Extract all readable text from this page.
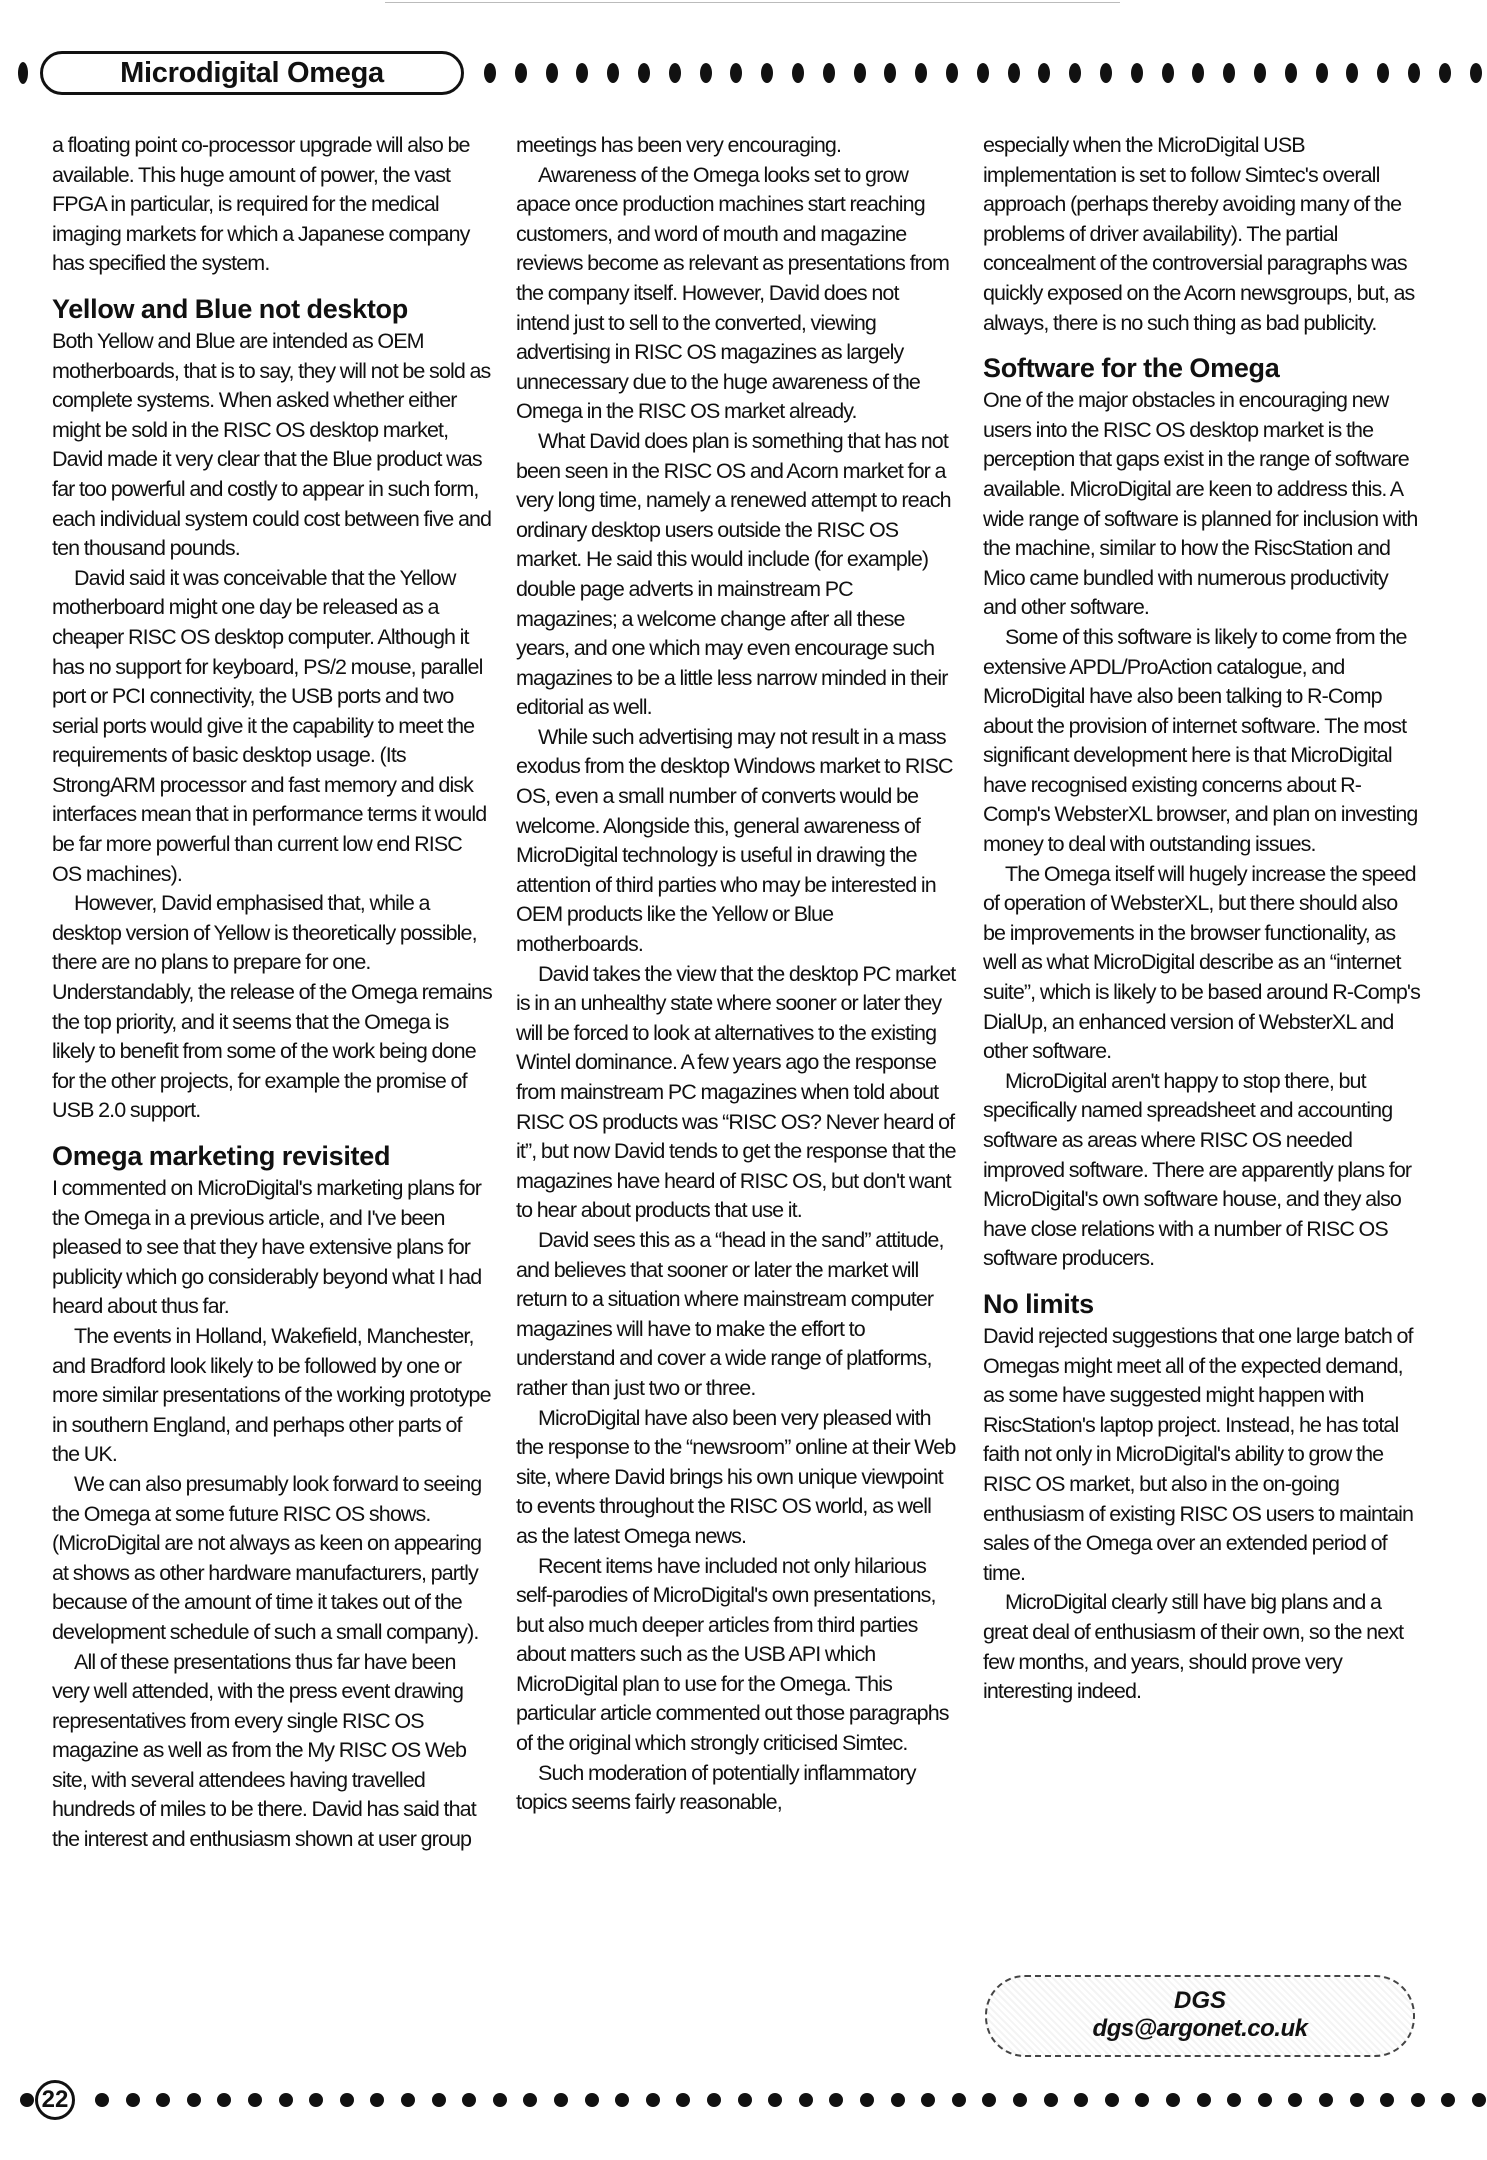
Microdigital Omega

a floating point co-processor upgrade will also be available. This huge amount of power, the vast FPGA in particular, is required for the medical imaging markets for which a Japanese company has specified the system.

Yellow and Blue not desktop

Both Yellow and Blue are intended as OEM motherboards, that is to say, they will not be sold as complete systems. When asked whether either might be sold in the RISC OS desktop market, David made it very clear that the Blue product was far too powerful and costly to appear in such form, each individual system could cost between five and ten thousand pounds.

David said it was conceivable that the Yellow motherboard might one day be released as a cheaper RISC OS desktop computer. Although it has no support for keyboard, PS/2 mouse, parallel port or PCI connectivity, the USB ports and two serial ports would give it the capability to meet the requirements of basic desktop usage. (Its StrongARM processor and fast memory and disk interfaces mean that in performance terms it would be far more powerful than current low end RISC OS machines).

However, David emphasised that, while a desktop version of Yellow is theoretically possible, there are no plans to prepare for one. Understandably, the release of the Omega remains the top priority, and it seems that the Omega is likely to benefit from some of the work being done for the other projects, for example the promise of USB 2.0 support.

Omega marketing revisited

I commented on MicroDigital's marketing plans for the Omega in a previous article, and I've been pleased to see that they have extensive plans for publicity which go considerably beyond what I had heard about thus far.

The events in Holland, Wakefield, Manchester, and Bradford look likely to be followed by one or more similar presentations of the working prototype in southern England, and perhaps other parts of the UK.

We can also presumably look forward to seeing the Omega at some future RISC OS shows. (MicroDigital are not always as keen on appearing at shows as other hardware manufacturers, partly because of the amount of time it takes out of the development schedule of such a small company).

All of these presentations thus far have been very well attended, with the press event drawing representatives from every single RISC OS magazine as well as from the My RISC OS Web site, with several attendees having travelled hundreds of miles to be there. David has said that the interest and enthusiasm shown at user group

meetings has been very encouraging.

Awareness of the Omega looks set to grow apace once production machines start reaching customers, and word of mouth and magazine reviews become as relevant as presentations from the company itself. However, David does not intend just to sell to the converted, viewing advertising in RISC OS magazines as largely unnecessary due to the huge awareness of the Omega in the RISC OS market already.

What David does plan is something that has not been seen in the RISC OS and Acorn market for a very long time, namely a renewed attempt to reach ordinary desktop users outside the RISC OS market. He said this would include (for example) double page adverts in mainstream PC magazines; a welcome change after all these years, and one which may even encourage such magazines to be a little less narrow minded in their editorial as well.

While such advertising may not result in a mass exodus from the desktop Windows market to RISC OS, even a small number of converts would be welcome. Alongside this, general awareness of MicroDigital technology is useful in drawing the attention of third parties who may be interested in OEM products like the Yellow or Blue motherboards.

David takes the view that the desktop PC market is in an unhealthy state where sooner or later they will be forced to look at alternatives to the existing Wintel dominance. A few years ago the response from mainstream PC magazines when told about RISC OS products was “RISC OS? Never heard of it”, but now David tends to get the response that the magazines have heard of RISC OS, but don't want to hear about products that use it.

David sees this as a “head in the sand” attitude, and believes that sooner or later the market will return to a situation where mainstream computer magazines will have to make the effort to understand and cover a wide range of platforms, rather than just two or three.

MicroDigital have also been very pleased with the response to the “newsroom” online at their Web site, where David brings his own unique viewpoint to events throughout the RISC OS world, as well as the latest Omega news.

Recent items have included not only hilarious self-parodies of MicroDigital's own presentations, but also much deeper articles from third parties about matters such as the USB API which MicroDigital plan to use for the Omega. This particular article commented out those paragraphs of the original which strongly criticised Simtec.

Such moderation of potentially inflammatory topics seems fairly reasonable,

especially when the MicroDigital USB implementation is set to follow Simtec's overall approach (perhaps thereby avoiding many of the problems of driver availability). The partial concealment of the controversial paragraphs was quickly exposed on the Acorn newsgroups, but, as always, there is no such thing as bad publicity.

Software for the Omega

One of the major obstacles in encouraging new users into the RISC OS desktop market is the perception that gaps exist in the range of software available. MicroDigital are keen to address this. A wide range of software is planned for inclusion with the machine, similar to how the RiscStation and Mico came bundled with numerous productivity and other software.

Some of this software is likely to come from the extensive APDL/ProAction catalogue, and MicroDigital have also been talking to R-Comp about the provision of internet software. The most significant development here is that MicroDigital have recognised existing concerns about R-Comp's WebsterXL browser, and plan on investing money to deal with outstanding issues.

The Omega itself will hugely increase the speed of operation of WebsterXL, but there should also be improvements in the browser functionality, as well as what MicroDigital describe as an “internet suite”, which is likely to be based around R-Comp's DialUp, an enhanced version of WebsterXL and other software.

MicroDigital aren't happy to stop there, but specifically named spreadsheet and accounting software as areas where RISC OS needed improved software. There are apparently plans for MicroDigital's own software house, and they also have close relations with a number of RISC OS software producers.

No limits

David rejected suggestions that one large batch of Omegas might meet all of the expected demand, as some have suggested might happen with RiscStation's laptop project. Instead, he has total faith not only in MicroDigital's ability to grow the RISC OS market, but also in the on-going enthusiasm of existing RISC OS users to maintain sales of the Omega over an extended period of time.

MicroDigital clearly still have big plans and a great deal of enthusiasm of their own, so the next few months, and years, should prove very interesting indeed.

DGS
dgs@argonet.co.uk
22
